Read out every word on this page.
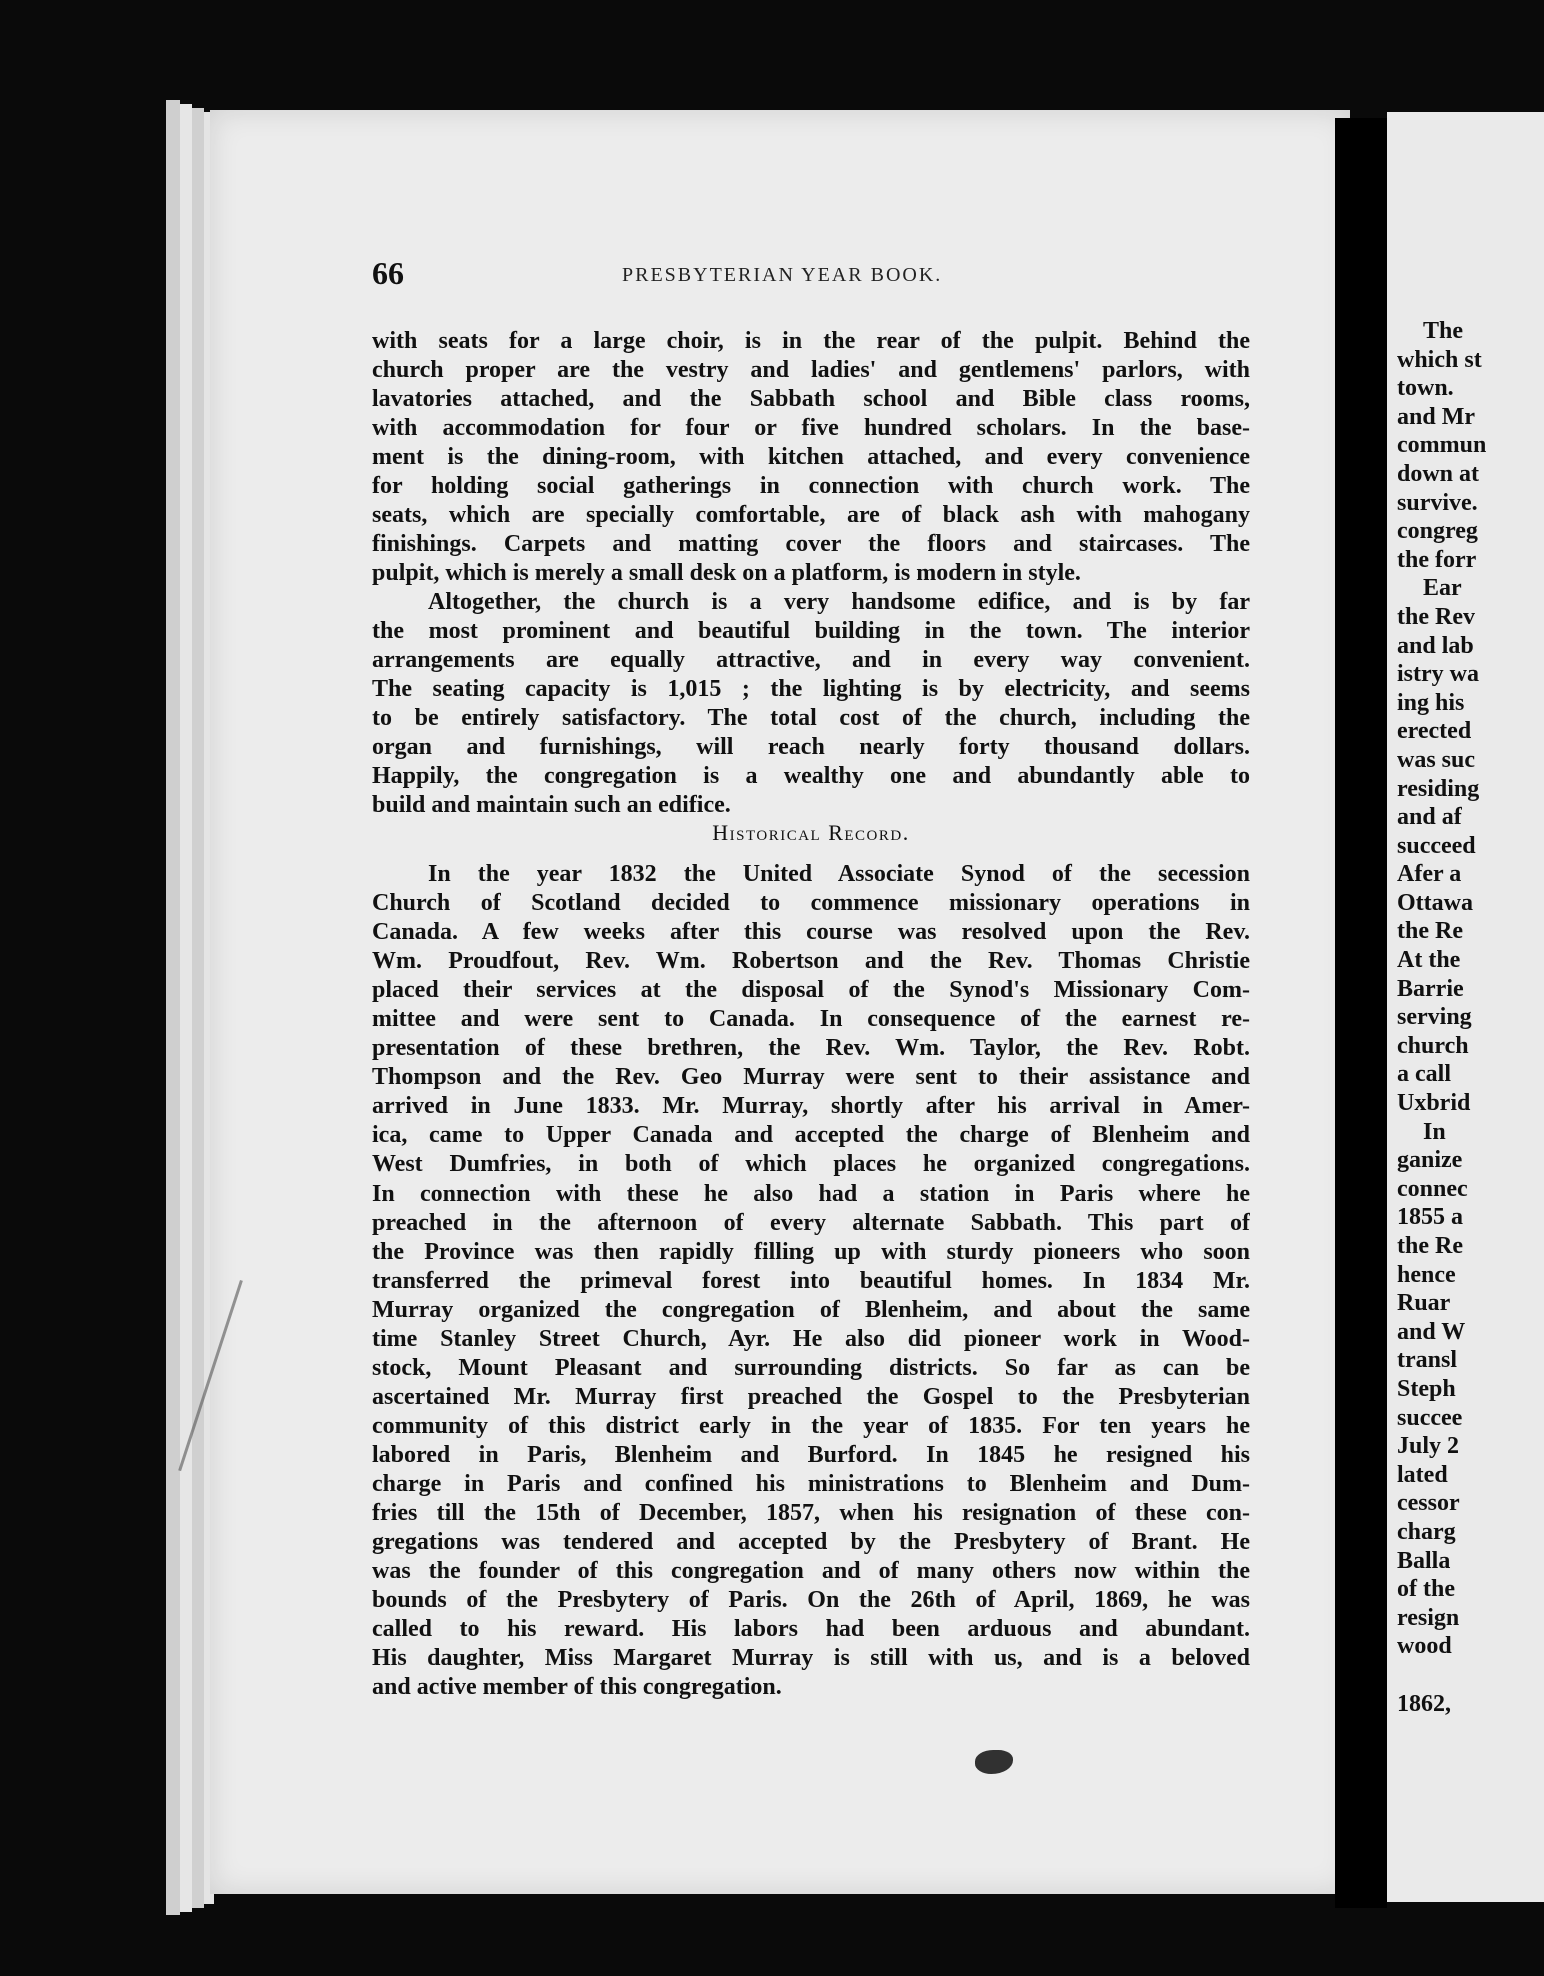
66	PRESBYTERIAN YEAR BOOK.
with seats for a large choir, is in the rear of the pulpit. Behind the
church proper are the vestry and ladies' and gentlemens' parlors, with
lavatories attached, and the Sabbath school and Bible class rooms,
with accommodation for four or five hundred scholars. In the base-
ment is the dining-room, with kitchen attached, and every convenience
for holding social gatherings in connection with church work. The
seats, which are specially comfortable, are of black ash with mahogany
finishings. Carpets and matting cover the floors and staircases. The
pulpit, which is merely a small desk on a platform, is modern in style.
Altogether, the church is a very handsome edifice, and is by far
the most prominent and beautiful building in the town. The interior
arrangements are equally attractive, and in every way convenient.
The seating capacity is 1,015 ; the lighting is by electricity, and seems
to be entirely satisfactory. The total cost of the church, including the
organ and furnishings, will reach nearly forty thousand dollars.
Happily, the congregation is a wealthy one and abundantly able to
build and maintain such an edifice.
Historical Record.
In the year 1832 the United Associate Synod of the secession
Church of Scotland decided to commence missionary operations in
Canada. A few weeks after this course was resolved upon the Rev.
Wm. Proudfout, Rev. Wm. Robertson and the Rev. Thomas Christie
placed their services at the disposal of the Synod's Missionary Com-
mittee and were sent to Canada. In consequence of the earnest re-
presentation of these brethren, the Rev. Wm. Taylor, the Rev. Robt.
Thompson and the Rev. Geo Murray were sent to their assistance and
arrived in June 1833. Mr. Murray, shortly after his arrival in Amer-
ica, came to Upper Canada and accepted the charge of Blenheim and
West Dumfries, in both of which places he organized congregations.
In connection with these he also had a station in Paris where he
preached in the afternoon of every alternate Sabbath. This part of
the Province was then rapidly filling up with sturdy pioneers who soon
transferred the primeval forest into beautiful homes. In 1834 Mr.
Murray organized the congregation of Blenheim, and about the same
time Stanley Street Church, Ayr. He also did pioneer work in Wood-
stock, Mount Pleasant and surrounding districts. So far as can be
ascertained Mr. Murray first preached the Gospel to the Presbyterian
community of this district early in the year of 1835. For ten years he
labored in Paris, Blenheim and Burford. In 1845 he resigned his
charge in Paris and confined his ministrations to Blenheim and Dum-
fries till the 15th of December, 1857, when his resignation of these con-
gregations was tendered and accepted by the Presbytery of Brant. He
was the founder of this congregation and of many others now within the
bounds of the Presbytery of Paris. On the 26th of April, 1869, he was
called to his reward. His labors had been arduous and abundant.
His daughter, Miss Margaret Murray is still with us, and is a beloved
and active member of this congregation.
The
which st
town.
and Mr
commun
down at
survive.
congreg
the forr
Ear
the Rev
and lab
istry wa
ing his
erected
was suc
residing
and af
succeed
Afer a
Ottawa
the Re
At the
Barrie
serving
church
a call
Uxbrid
In
ganize
connec
1855 a
the Re
hence
Ruar
and W
transl
Steph
succee
July 2
lated
cessor
charg
Balla
of the
resign
wood
1862,
